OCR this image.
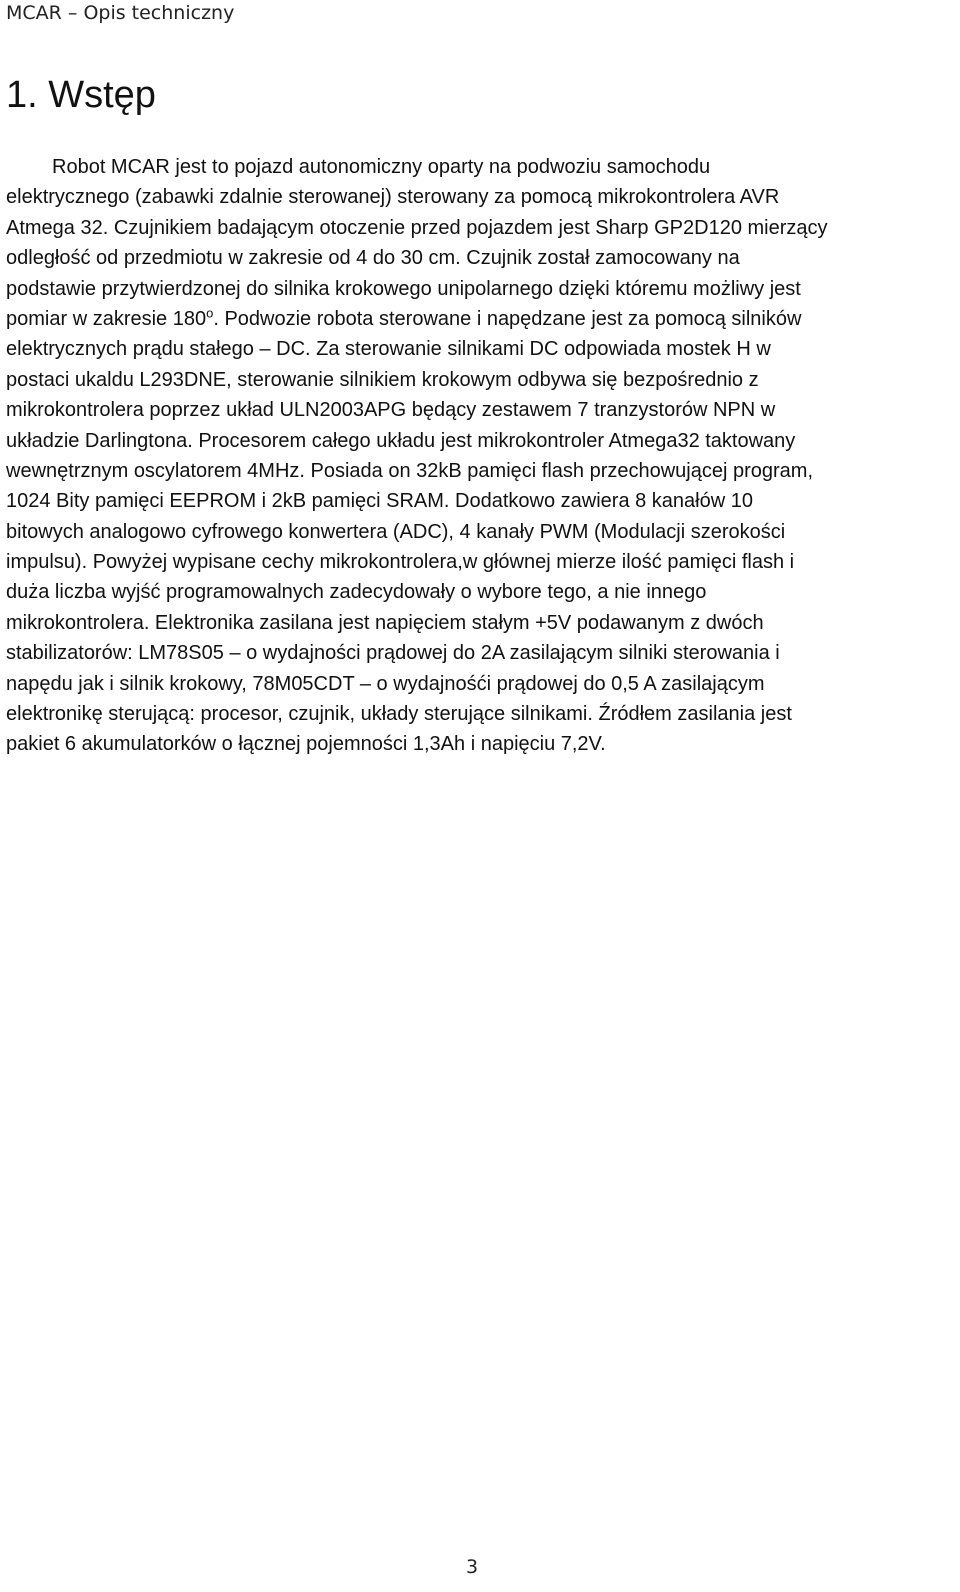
MCAR – Opis techniczny
1. Wstęp
Robot MCAR jest to pojazd autonomiczny oparty na podwoziu samochodu
elektrycznego (zabawki zdalnie sterowanej) sterowany za pomocą mikrokontrolera AVR
Atmega 32. Czujnikiem badającym otoczenie przed pojazdem jest Sharp GP2D120 mierzący
odległość od przedmiotu w zakresie od 4 do 30 cm. Czujnik został zamocowany na
podstawie przytwierdzonej do silnika krokowego unipolarnego dzięki któremu możliwy jest
pomiar w zakresie 180$^o$. Podwozie robota sterowane i napędzane jest za pomocą silników
elektrycznych prądu stałego – DC. Za sterowanie silnikami DC odpowiada mostek H w
postaci ukaldu L293DNE, sterowanie silnikiem krokowym odbywa się bezpośrednio z
mikrokontrolera poprzez układ ULN2003APG będący zestawem 7 tranzystorów NPN w
układzie Darlingtona. Procesorem całego układu jest mikrokontroler Atmega32 taktowany
wewnętrznym oscylatorem 4MHz. Posiada on 32kB pamięci flash przechowującej program,
1024 Bity pamięci EEPROM i 2kB pamięci SRAM. Dodatkowo zawiera 8 kanałów 10
bitowych analogowo cyfrowego konwertera (ADC), 4 kanały PWM (Modulacji szerokości
impulsu). Powyżej wypisane cechy mikrokontrolera,w głównej mierze ilość pamięci flash i
duża liczba wyjść programowalnych zadecydowały o wybore tego, a nie innego
mikrokontrolera. Elektronika zasilana jest napięciem stałym +5V podawanym z dwóch
stabilizatorów: LM78S05 – o wydajności prądowej do 2A zasilającym silniki sterowania i
napędu jak i silnik krokowy, 78M05CDT – o wydajnośći prądowej do 0,5 A zasilającym
elektronikę sterującą: procesor, czujnik, układy sterujące silnikami. Źródłem zasilania jest
pakiet 6 akumulatorków o łącznej pojemności 1,3Ah i napięciu 7,2V.
3
